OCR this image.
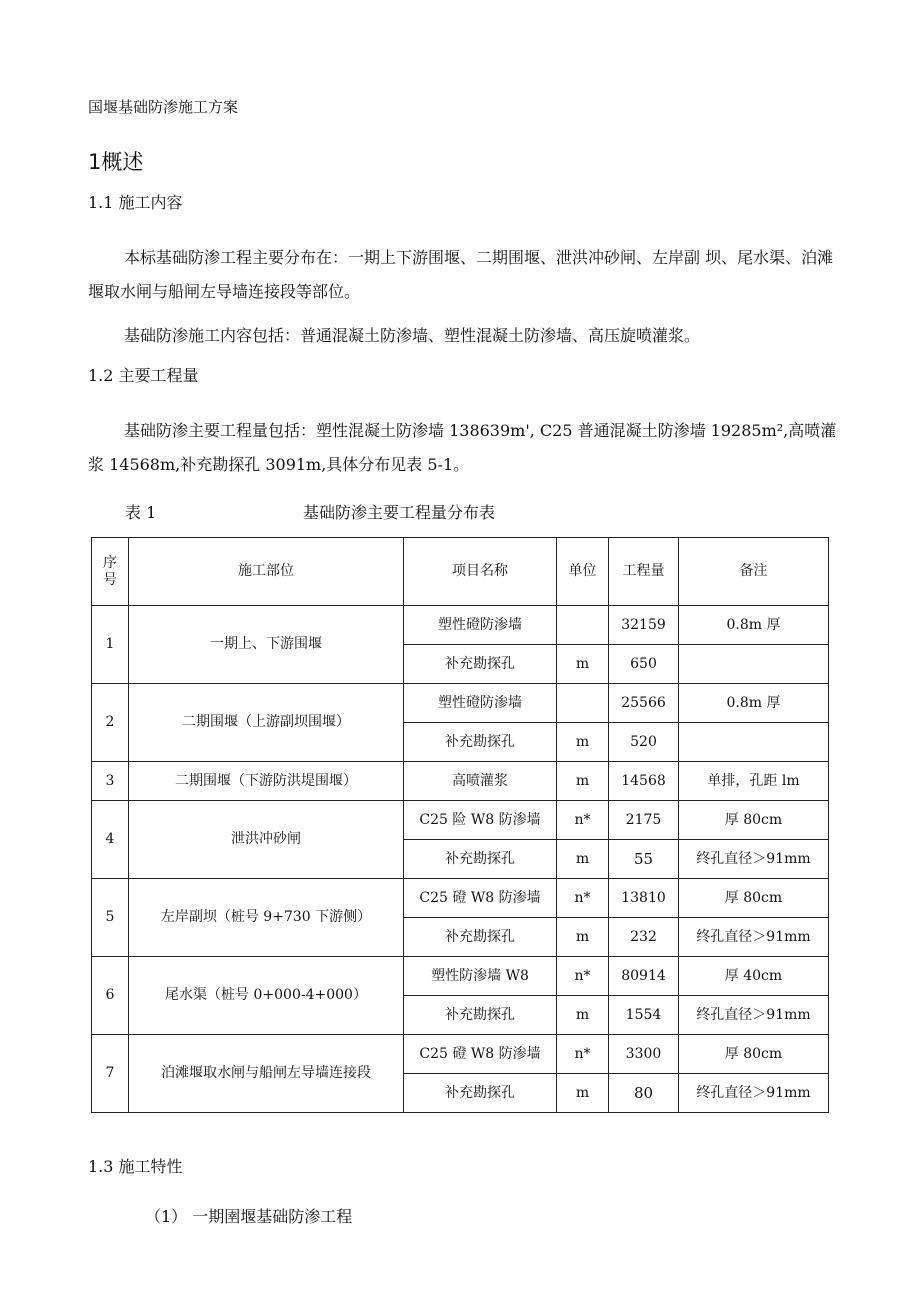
国堰基础防渗施工方案
1概述
1.1 施工内容
本标基础防渗工程主要分布在：一期上下游围堰、二期围堰、泄洪冲砂闸、左岸副 坝、尾水渠、泊滩堰取水闸与船闸左导墙连接段等部位。
基础防渗施工内容包括：普通混凝土防渗墙、塑性混凝土防渗墙、高压旋喷灌浆。
1.2 主要工程量
基础防渗主要工程量包括：塑性混凝土防渗墙 138639m', C25 普通混凝土防渗墙 19285m²,高喷灌浆 14568m,补充勘探孔 3091m,具体分布见表 5-1。
表 1	基础防渗主要工程量分布表
序
号	施工部位	项目名称	单位	工程量	备注
1	一期上、下游围堰	塑性磴防渗墙		32159	0.8m 厚
		补充勘探孔	m	650	
2	二期围堰（上游副坝围堰）	塑性磴防渗墙		25566	0.8m 厚
		补充勘探孔	m	520	
3	二期围堰（下游防洪堤围堰）	高喷灌浆	m	14568	单排，孔距 lm
4	泄洪冲砂闸	C25 险 W8 防渗墙	n*	2175	厚 80cm
		补充勘探孔	m	55	终孔直径＞91mm
5	左岸副坝（桩号 9+730 下游侧）	C25 磴 W8 防渗墙	n*	13810	厚 80cm
		补充勘探孔	m	232	终孔直径＞91mm
6	尾水渠（桩号 0+000-4+000）	塑性防渗墙 W8	n*	80914	厚 40cm
		补充勘探孔	m	1554	终孔直径＞91mm
7	泊滩堰取水闸与船闸左导墙连接段	C25 磴 W8 防渗墙	n*	3300	厚 80cm
		补充勘探孔	m	80	终孔直径＞91mm
1.3 施工特性
（1） 一期圉堰基础防渗工程
